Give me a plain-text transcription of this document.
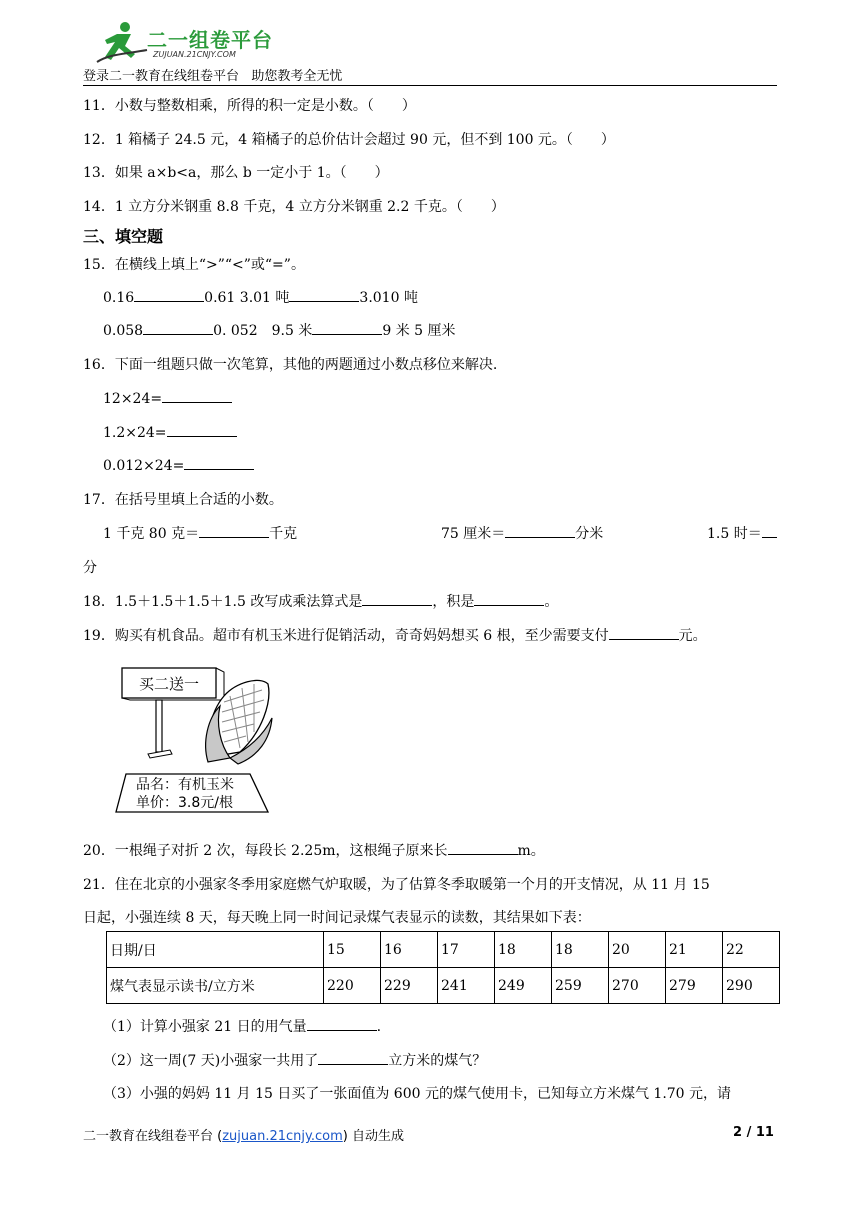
二一组卷平台
ZUJUAN.21CNJY.COM
登录二一教育在线组卷平台   助您教考全无忧
11．小数与整数相乘，所得的积一定是小数。（　　）
12．1 箱橘子 24.5 元，4 箱橘子的总价估计会超过 90 元，但不到 100 元。（　　）
13．如果 a×b<a，那么 b 一定小于 1。（　　）
14．1 立方分米钢重 8.8 千克，4 立方分米钢重 2.2 千克。（　　）
三、填空题
15．在横线上填上“>”“<”或“=”。
0.16	0.61 3.01 吨	3.010 吨
0.058	0. 052　9.5 米	9 米 5 厘米
16．下面一组题只做一次笔算，其他的两题通过小数点移位来解决.
12×24=
1.2×24=
0.012×24=
17．在括号里填上合适的小数。
1 千克 80 克＝	千克	75 厘米＝	分米	1.5 时＝
分
18．1.5＋1.5＋1.5＋1.5 改写成乘法算式是	，积是	。
19．购买有机食品。超市有机玉米进行促销活动，奇奇妈妈想买 6 根，至少需要支付	元。
买二送一
品名：有机玉米
单价：3.8元/根
20．一根绳子对折 2 次，每段长 2.25m，这根绳子原来长	m。
21．住在北京的小强家冬季用家庭燃气炉取暖，为了估算冬季取暖第一个月的开支情况，从 11 月 15
日起，小强连续 8 天，每天晚上同一时间记录煤气表显示的读数，其结果如下表：
日期/日	15	16	17	18	18	20	21	22
煤气表显示读书/立方米	220	229	241	249	259	270	279	290
（1）计算小强家 21 日的用气量	.
（2）这一周(7 天)小强家一共用了	立方米的煤气？
（3）小强的妈妈 11 月 15 日买了一张面值为 600 元的煤气使用卡，已知每立方米煤气 1.70 元，请
二一教育在线组卷平台 (zujuan.21cnjy.com) 自动生成	2 / 11
